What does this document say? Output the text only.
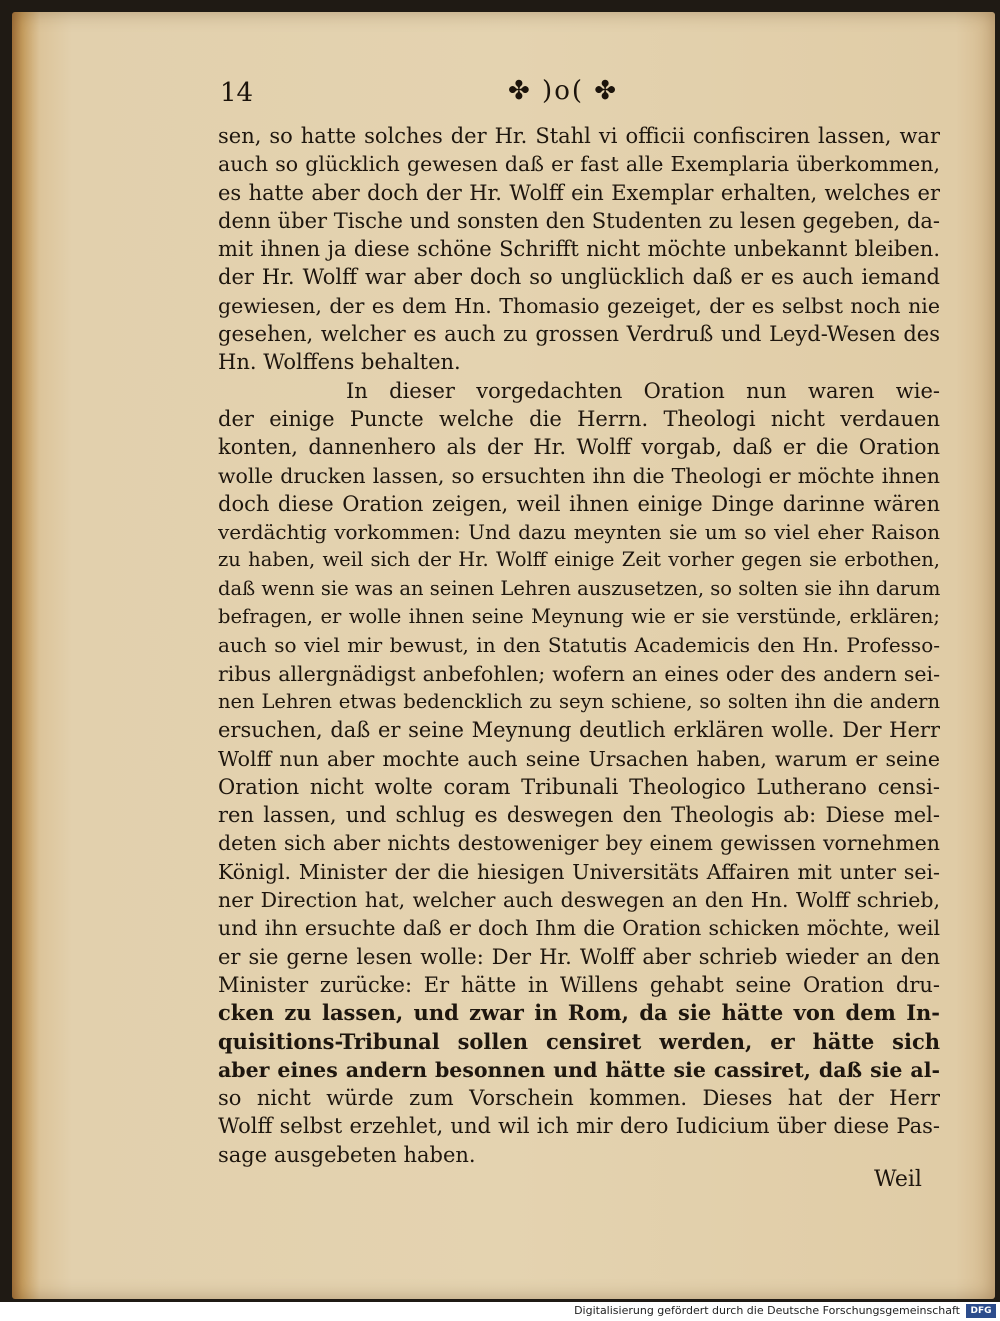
14	✤ )o( ✤
sen, so hatte solches der Hr. Stahl vi officii confisciren lassen, war
auch so glücklich gewesen daß er fast alle Exemplaria überkommen,
es hatte aber doch der Hr. Wolff ein Exemplar erhalten, welches er
denn über Tische und sonsten den Studenten zu lesen gegeben, da-
mit ihnen ja diese schöne Schrifft nicht möchte unbekannt bleiben.
der Hr. Wolff war aber doch so unglücklich daß er es auch iemand
gewiesen, der es dem Hn. Thomasio gezeiget, der es selbst noch nie
gesehen, welcher es auch zu grossen Verdruß und Leyd-Wesen des
Hn. Wolffens behalten.
In dieser vorgedachten Oration nun waren wie-
der einige Puncte welche die Herrn. Theologi nicht verdauen
konten, dannenhero als der Hr. Wolff vorgab, daß er die Oration
wolle drucken lassen, so ersuchten ihn die Theologi er möchte ihnen
doch diese Oration zeigen, weil ihnen einige Dinge darinne wären
verdächtig vorkommen: Und dazu meynten sie um so viel eher Raison
zu haben, weil sich der Hr. Wolff einige Zeit vorher gegen sie erbothen,
daß wenn sie was an seinen Lehren auszusetzen, so solten sie ihn darum
befragen, er wolle ihnen seine Meynung wie er sie verstünde, erklären;
auch so viel mir bewust, in den Statutis Academicis den Hn. Professo-
ribus allergnädigst anbefohlen; wofern an eines oder des andern sei-
nen Lehren etwas bedencklich zu seyn schiene, so solten ihn die andern
ersuchen, daß er seine Meynung deutlich erklären wolle. Der Herr
Wolff nun aber mochte auch seine Ursachen haben, warum er seine
Oration nicht wolte coram Tribunali Theologico Lutherano censi-
ren lassen, und schlug es deswegen den Theologis ab: Diese mel-
deten sich aber nichts destoweniger bey einem gewissen vornehmen
Königl. Minister der die hiesigen Universitäts Affairen mit unter sei-
ner Direction hat, welcher auch deswegen an den Hn. Wolff schrieb,
und ihn ersuchte daß er doch Ihm die Oration schicken möchte, weil
er sie gerne lesen wolle: Der Hr. Wolff aber schrieb wieder an den
Minister zurücke: Er hätte in Willens gehabt seine Oration dru-
cken zu lassen, und zwar in Rom, da sie hätte von dem In-
quisitions-Tribunal sollen censiret werden, er hätte sich
aber eines andern besonnen und hätte sie cassiret, daß sie al-
so nicht würde zum Vorschein kommen. Dieses hat der Herr
Wolff selbst erzehlet, und wil ich mir dero Iudicium über diese Pas-
sage ausgebeten haben.
Weil
Digitalisierung gefördert durch die Deutsche Forschungsgemeinschaft	DFG
